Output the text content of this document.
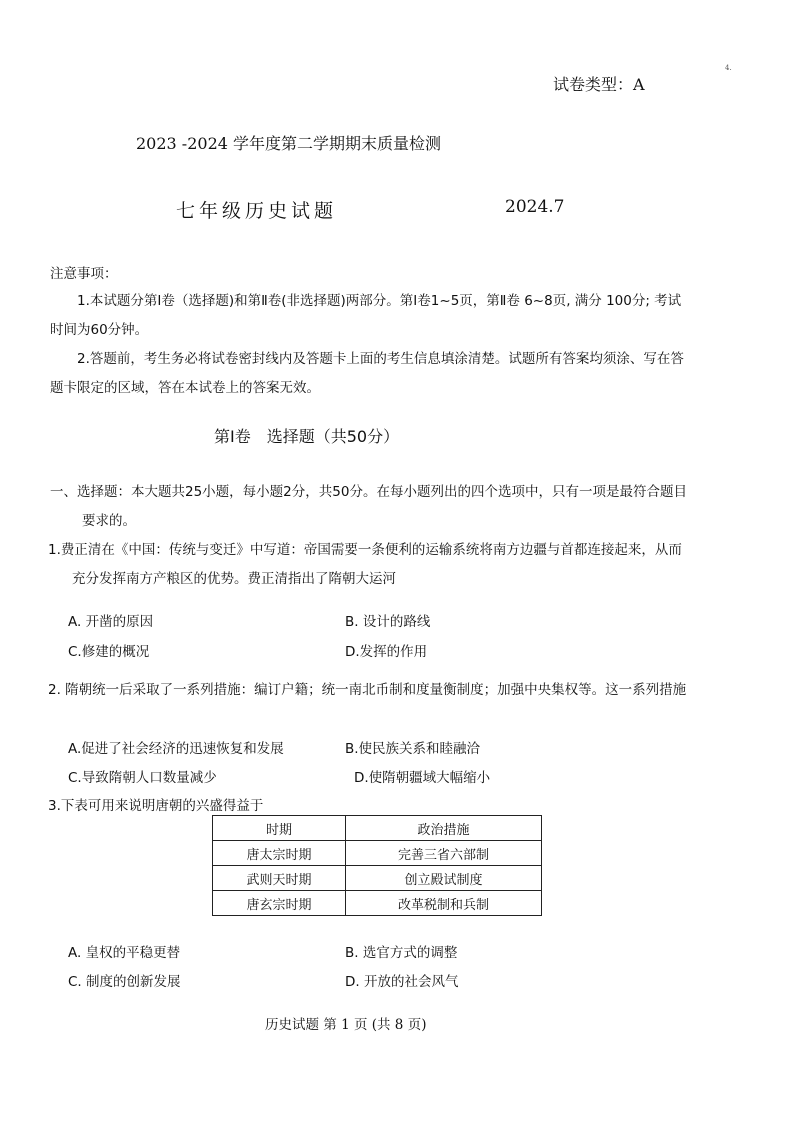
4.
试卷类型：A
2023 -2024 学年度第二学期期末质量检测
七年级历史试题	2024.7
注意事项：
1.本试题分第Ⅰ卷（选择题)和第Ⅱ卷(非选择题)两部分。第Ⅰ卷1~5页，第Ⅱ卷 6~8页, 满分 100分; 考试时间为60分钟。
2.答题前，考生务必将试卷密封线内及答题卡上面的考生信息填涂清楚。试题所有答案均须涂、写在答题卡限定的区域，答在本试卷上的答案无效。
第Ⅰ卷　选择题（共50分）
一、选择题：本大题共25小题，每小题2分，共50分。在每小题列出的四个选项中，只有一项是最符合题目要求的。
1.费正清在《中国：传统与变迁》中写道：帝国需要一条便利的运输系统将南方边疆与首都连接起来，从而充分发挥南方产粮区的优势。费正清指出了隋朝大运河
A. 开凿的原因	B. 设计的路线
C.修建的概况	D.发挥的作用
2. 隋朝统一后采取了一系列措施：编订户籍；统一南北币制和度量衡制度；加强中央集权等。这一系列措施
A.促进了社会经济的迅速恢复和发展	B.使民族关系和睦融洽
C.导致隋朝人口数量减少	D.使隋朝疆域大幅缩小
3.下表可用来说明唐朝的兴盛得益于
时期	政治措施
唐太宗时期	完善三省六部制
武则天时期	创立殿试制度
唐玄宗时期	改革税制和兵制
A. 皇权的平稳更替	B. 选官方式的调整
C. 制度的创新发展	D. 开放的社会风气
历史试题 第 1 页 (共 8 页)
